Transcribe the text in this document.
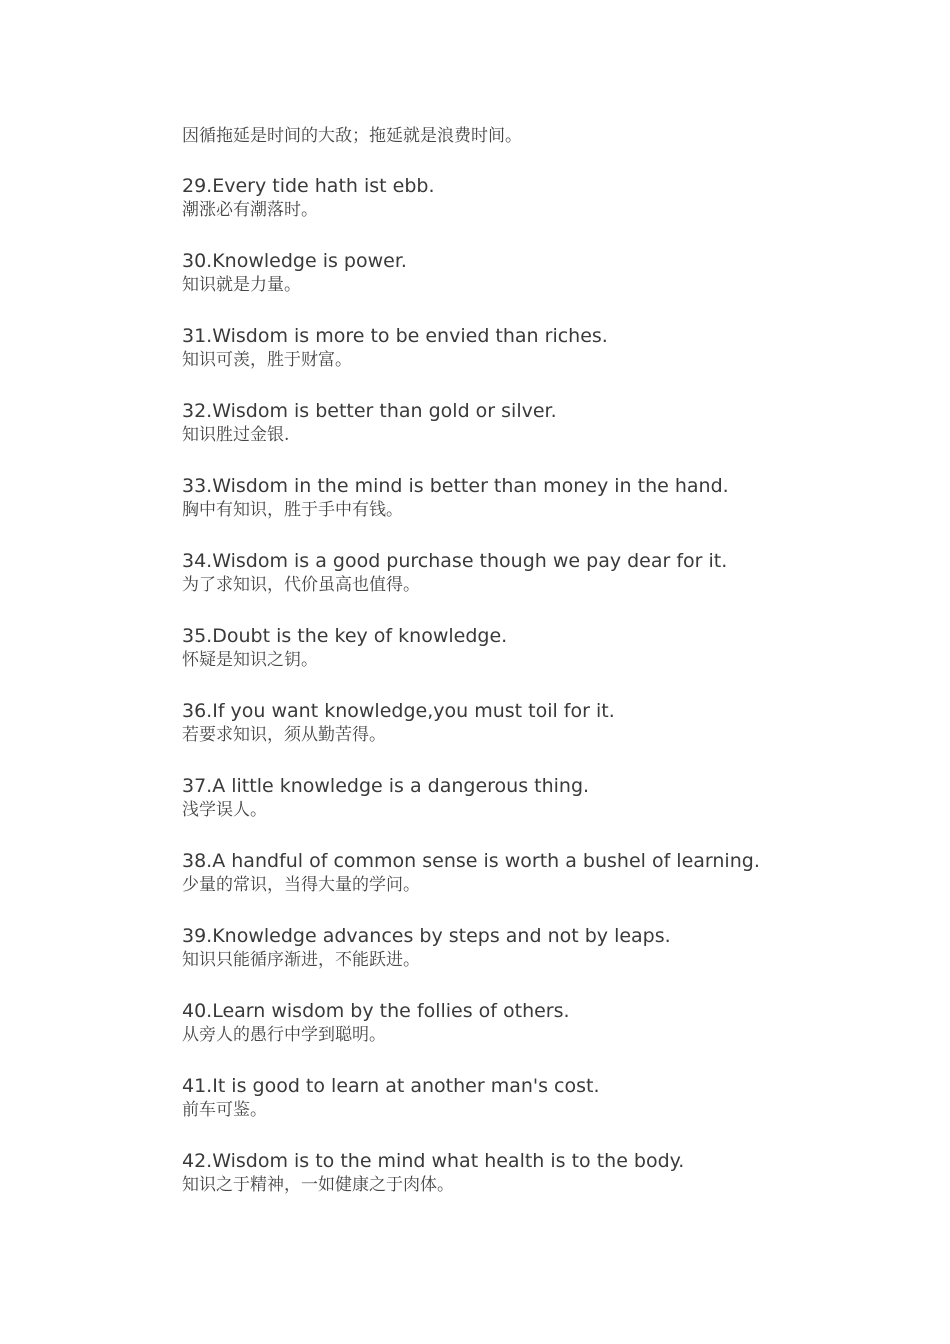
因循拖延是时间的大敌；拖延就是浪费时间。
29.Every tide hath ist ebb.
潮涨必有潮落时。
30.Knowledge is power.
知识就是力量。
31.Wisdom is more to be envied than riches.
知识可羡，胜于财富。
32.Wisdom is better than gold or silver.
知识胜过金银.
33.Wisdom in the mind is better than money in the hand.
胸中有知识，胜于手中有钱。
34.Wisdom is a good purchase though we pay dear for it.
为了求知识，代价虽高也值得。
35.Doubt is the key of knowledge.
怀疑是知识之钥。
36.If you want knowledge,you must toil for it.
若要求知识，须从勤苦得。
37.A little knowledge is a dangerous thing.
浅学误人。
38.A handful of common sense is worth a bushel of learning.
少量的常识，当得大量的学问。
39.Knowledge advances by steps and not by leaps.
知识只能循序渐进，不能跃进。
40.Learn wisdom by the follies of others.
从旁人的愚行中学到聪明。
41.It is good to learn at another man's cost.
前车可鉴。
42.Wisdom is to the mind what health is to the body.
知识之于精神，一如健康之于肉体。
